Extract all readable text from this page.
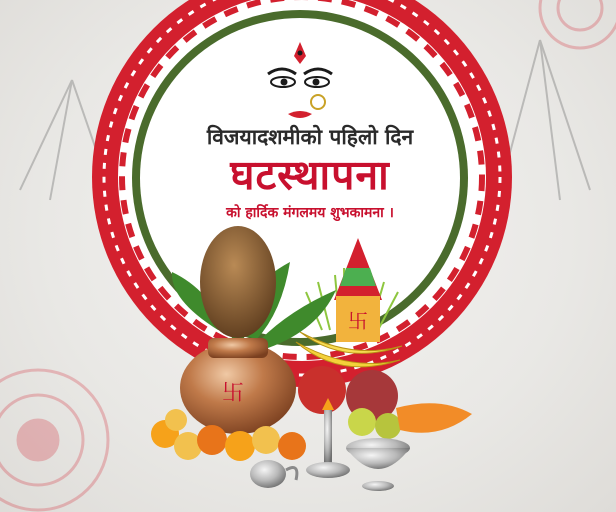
卐
卐

विजयादशमीको पहिलो दिन

घटस्थापना

को हार्दिक मंगलमय शुभकामना ।
